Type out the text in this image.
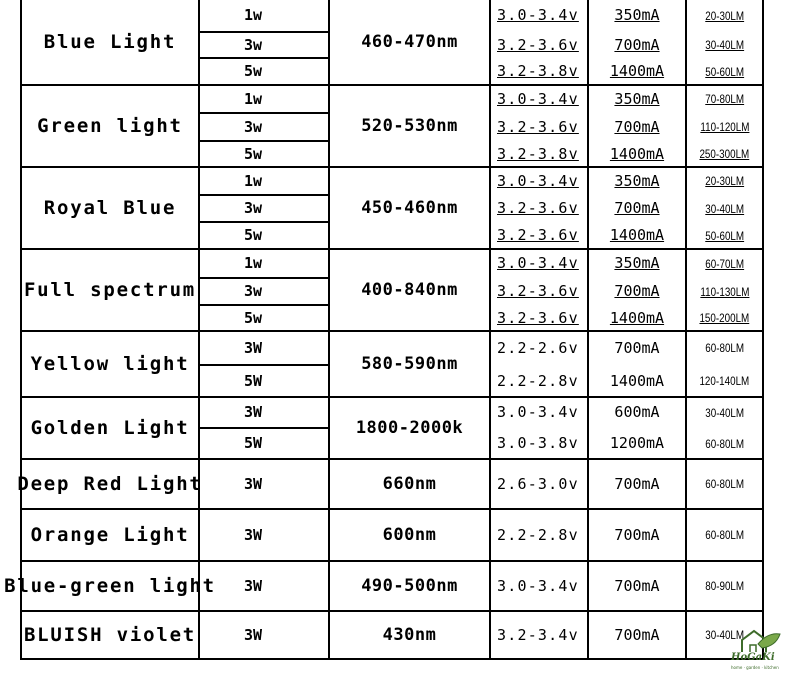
Blue Light	460-470nm
1w	3.0-3.4v 350mA	20-30LM
3w	3.2-3.6v 700mA	30-40LM
5w	3.2-3.8v 1400mA	50-60LM
Green light	520-530nm
1w	3.0-3.4v 350mA	70-80LM
3w	3.2-3.6v 700mA	110-120LM
5w	3.2-3.8v 1400mA	250-300LM
Royal Blue	450-460nm
1w	3.0-3.4v 350mA	20-30LM
3w	3.2-3.6v 700mA	30-40LM
5w	3.2-3.6v 1400mA	50-60LM
Full spectrum	400-840nm
1w	3.0-3.4v 350mA	60-70LM
3w	3.2-3.6v 700mA	110-130LM
5w	3.2-3.6v 1400mA	150-200LM
Yellow light	580-590nm
3W	2.2-2.6v 700mA	60-80LM
5W	2.2-2.8v 1400mA	120-140LM
Golden Light	1800-2000k
3W	3.0-3.4v 600mA	30-40LM
5W	3.0-3.8v 1200mA	60-80LM
Deep Red Light	660nm
3W	2.6-3.0v 700mA	60-80LM
Orange Light	600nm
3W	2.2-2.8v 700mA	60-80LM
Blue-green light	490-500nm
3W	3.0-3.4v 700mA	80-90LM
BLUISH violet	430nm
3W	3.2-3.4v 700mA	30-40LM
HoGaKi
home · garden · kitchen
